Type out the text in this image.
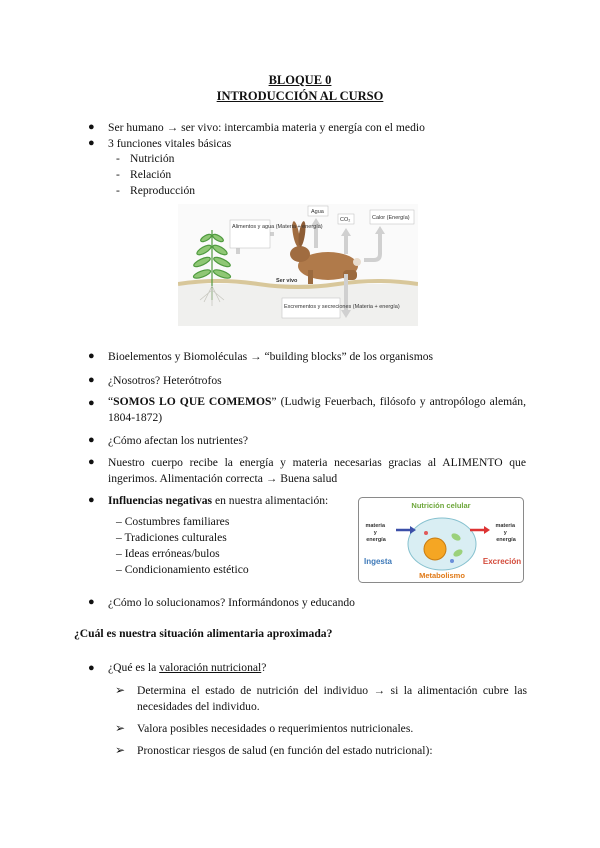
BLOQUE 0
INTRODUCCIÓN AL CURSO
● Ser humano → ser vivo: intercambia materia y energía con el medio
● 3 funciones vitales básicas
- Nutrición
- Relación
- Reproducción
Alimentos y agua (Materia + energía)
Agua
CO₂	Calor (Energía)
Ser vivo
Excrementos y secreciones (Materia + energía)
● Bioelementos y Biomoléculas → “building blocks” de los organismos
● ¿Nosotros? Heterótrofos
● “SOMOS LO QUE COMEMOS” (Ludwig Feuerbach, filósofo y antropólogo alemán, 1804-1872)
● ¿Cómo afectan los nutrientes?
● Nuestro cuerpo recibe la energía y materia necesarias gracias al ALIMENTO que ingerimos. Alimentación correcta → Buena salud
● Influencias negativas en nuestra alimentación:
– Costumbres familiares
– Tradiciones culturales
– Ideas erróneas/bulos
– Condicionamiento estético
Nutrición celular
materia y energía
materia y energía
Ingesta	Excreción
Metabolismo
● ¿Cómo lo solucionamos? Informándonos y educando
¿Cuál es nuestra situación alimentaria aproximada?
● ¿Qué es la valoración nutricional?
➢ Determina el estado de nutrición del individuo → si la alimentación cubre las necesidades del individuo.
➢ Valora posibles necesidades o requerimientos nutricionales.
➢ Pronosticar riesgos de salud (en función del estado nutricional):
